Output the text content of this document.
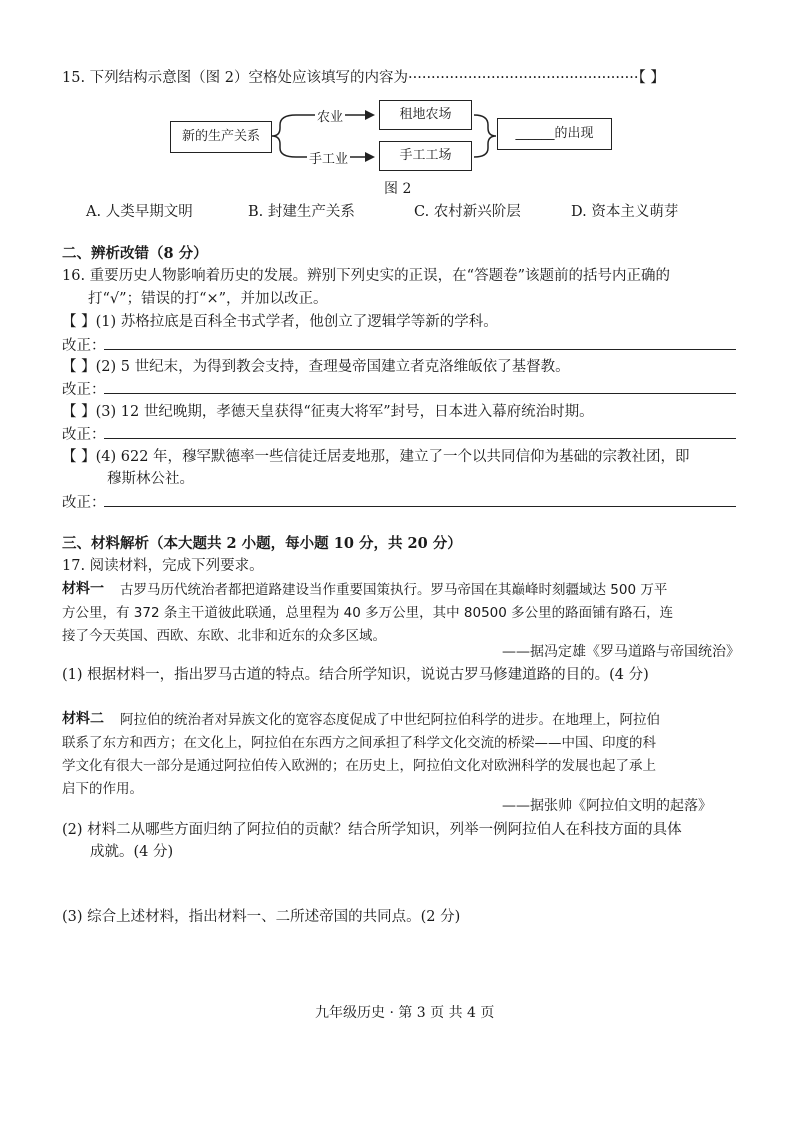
15. 下列结构示意图（图 2）空格处应该填写的内容为··················································【 】
新的生产关系
农业
手工业
租地农场
手工工场
______的出现
图 2
A. 人类早期文明	B. 封建生产关系	C. 农村新兴阶层	D. 资本主义萌芽
二、辨析改错（8 分）
16. 重要历史人物影响着历史的发展。辨别下列史实的正误，在“答题卷”该题前的括号内正确的
打“√”；错误的打“×”，并加以改正。
【 】(1) 苏格拉底是百科全书式学者，他创立了逻辑学等新的学科。
改正：
【 】(2) 5 世纪末，为得到教会支持，查理曼帝国建立者克洛维皈依了基督教。
改正：
【 】(3) 12 世纪晚期，孝德天皇获得“征夷大将军”封号，日本进入幕府统治时期。
改正：
【 】(4) 622 年，穆罕默德率一些信徒迁居麦地那，建立了一个以共同信仰为基础的宗教社团，即
穆斯林公社。
改正：
三、材料解析（本大题共 2 小题，每小题 10 分，共 20 分）
17. 阅读材料，完成下列要求。
材料一 古罗马历代统治者都把道路建设当作重要国策执行。罗马帝国在其巅峰时刻疆域达 500 万平
方公里，有 372 条主干道彼此联通，总里程为 40 多万公里，其中 80500 多公里的路面铺有路石，连
接了今天英国、西欧、东欧、北非和近东的众多区域。
——据冯定雄《罗马道路与帝国统治》
(1) 根据材料一，指出罗马古道的特点。结合所学知识，说说古罗马修建道路的目的。(4 分)
材料二 阿拉伯的统治者对异族文化的宽容态度促成了中世纪阿拉伯科学的进步。在地理上，阿拉伯
联系了东方和西方；在文化上，阿拉伯在东西方之间承担了科学文化交流的桥梁——中国、印度的科
学文化有很大一部分是通过阿拉伯传入欧洲的；在历史上，阿拉伯文化对欧洲科学的发展也起了承上
启下的作用。
——据张帅《阿拉伯文明的起落》
(2) 材料二从哪些方面归纳了阿拉伯的贡献？结合所学知识，列举一例阿拉伯人在科技方面的具体
成就。(4 分)
(3) 综合上述材料，指出材料一、二所述帝国的共同点。(2 分)
九年级历史 · 第 3 页 共 4 页
